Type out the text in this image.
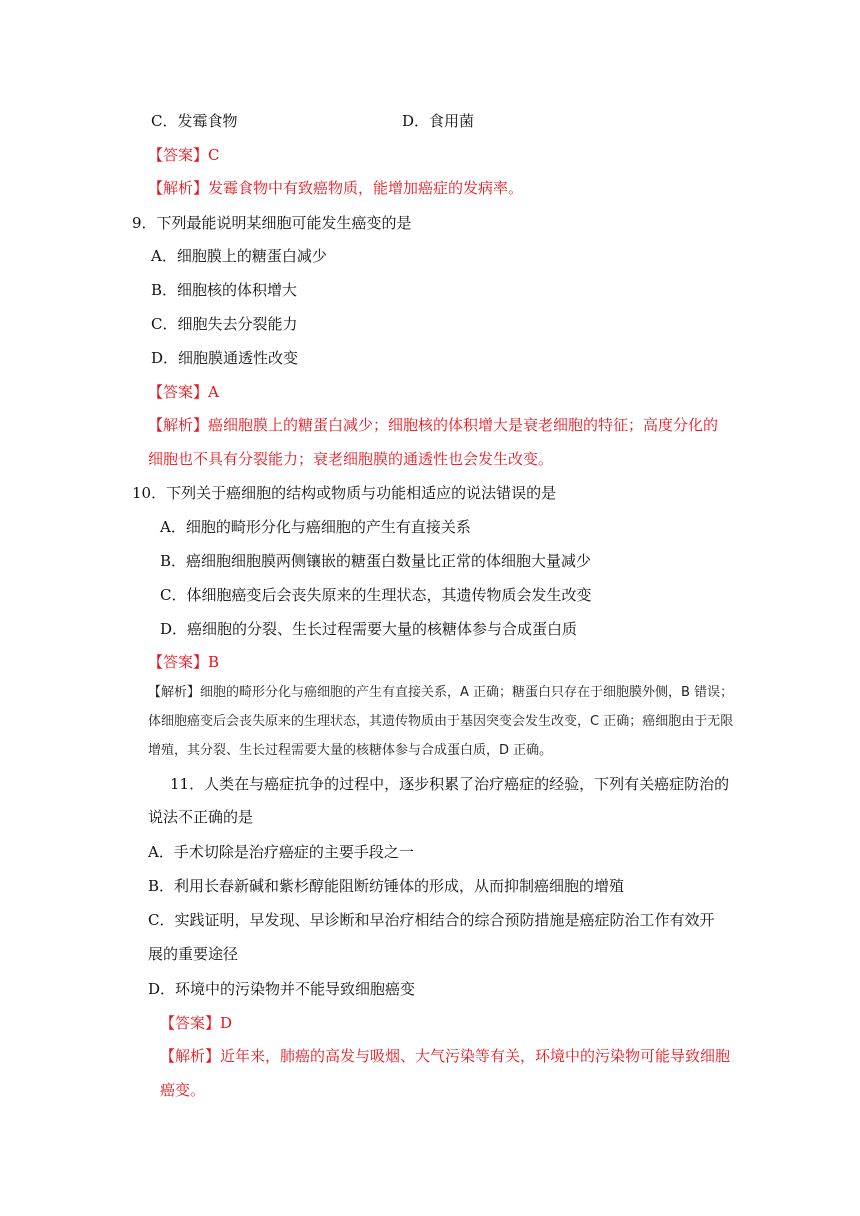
C．发霉食物	D．食用菌
【答案】C
【解析】发霉食物中有致癌物质，能增加癌症的发病率。
9．下列最能说明某细胞可能发生癌变的是
A．细胞膜上的糖蛋白减少
B．细胞核的体积增大
C．细胞失去分裂能力
D．细胞膜通透性改变
【答案】A
【解析】癌细胞膜上的糖蛋白减少；细胞核的体积增大是衰老细胞的特征；高度分化的
细胞也不具有分裂能力；衰老细胞膜的通透性也会发生改变。
10．下列关于癌细胞的结构或物质与功能相适应的说法错误的是
A．细胞的畸形分化与癌细胞的产生有直接关系
B．癌细胞细胞膜两侧镶嵌的糖蛋白数量比正常的体细胞大量减少
C．体细胞癌变后会丧失原来的生理状态，其遗传物质会发生改变
D．癌细胞的分裂、生长过程需要大量的核糖体参与合成蛋白质
【答案】B
【解析】细胞的畸形分化与癌细胞的产生有直接关系，A 正确；糖蛋白只存在于细胞膜外侧，B 错误；
体细胞癌变后会丧失原来的生理状态，其遗传物质由于基因突变会发生改变，C 正确；癌细胞由于无限
增殖，其分裂、生长过程需要大量的核糖体参与合成蛋白质，D 正确。
11．人类在与癌症抗争的过程中，逐步积累了治疗癌症的经验，下列有关癌症防治的
说法不正确的是
A．手术切除是治疗癌症的主要手段之一
B．利用长春新碱和紫杉醇能阻断纺锤体的形成，从而抑制癌细胞的增殖
C．实践证明，早发现、早诊断和早治疗相结合的综合预防措施是癌症防治工作有效开
展的重要途径
D．环境中的污染物并不能导致细胞癌变
【答案】D
【解析】近年来，肺癌的高发与吸烟、大气污染等有关，环境中的污染物可能导致细胞
癌变。
